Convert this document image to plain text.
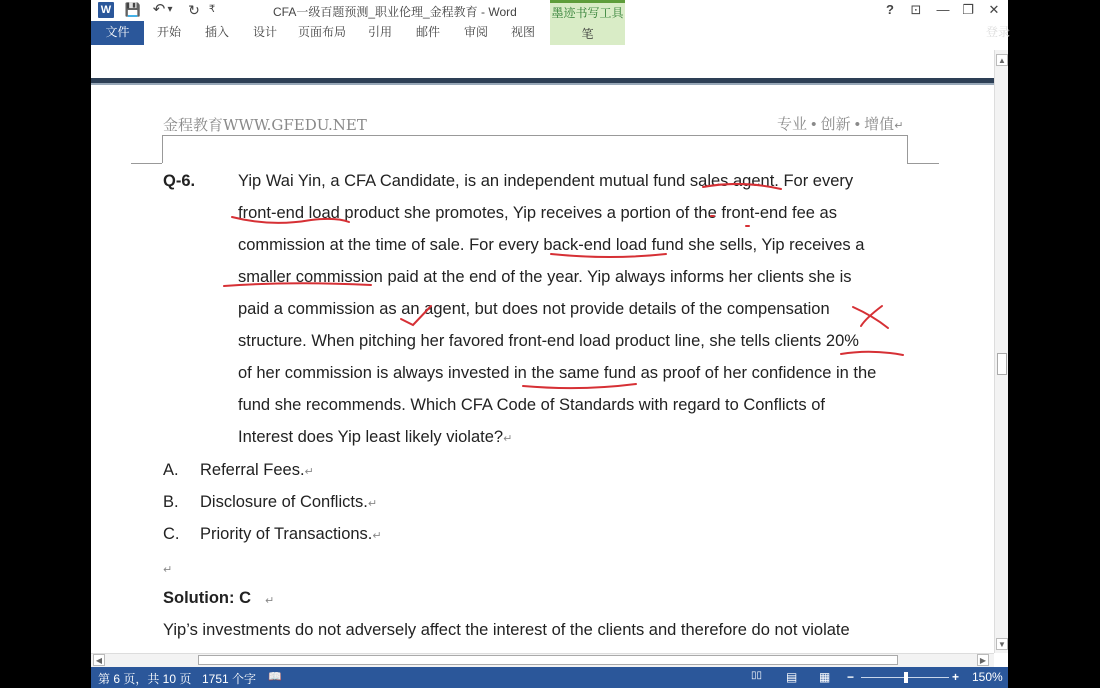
W 💾 ↶ ▾ ↻ ₹	CFA一级百题预测_职业伦理_金程教育 - Word	?	⊡	— ❐	✕
墨迹书写工具
笔
文件	开始	插入	设计	页面布局	引用	邮件	审阅	视图
金程教育WWW.GFEDU.NET	专业 • 创新 • 增值↵
Q-6.	Yip Wai Yin, a CFA Candidate, is an independent mutual fund sales agent. For every
front-end load product she promotes, Yip receives a portion of the front-end fee as
commission at the time of sale. For every back-end load fund she sells, Yip receives a
smaller commission paid at the end of the year. Yip always informs her clients she is
paid a commission as an agent, but does not provide details of the compensation
structure. When pitching her favored front-end load product line, she tells clients 20%
of her commission is always invested in the same fund as proof of her confidence in the
fund she recommends. Which CFA Code of Standards with regard to Conflicts of
Interest does Yip least likely violate?↵
A. Referral Fees.↵
B. Disclosure of Conflicts.↵
C. Priority of Transactions.↵
↵
Solution: C ↵
Yip’s investments do not adversely affect the interest of the clients and therefore do not violate
▲
▼
◀	▶
第 6 页，共 10 页 1751 个字 📖	▯▯ ▤ ▦ −	+ 150%
登录
